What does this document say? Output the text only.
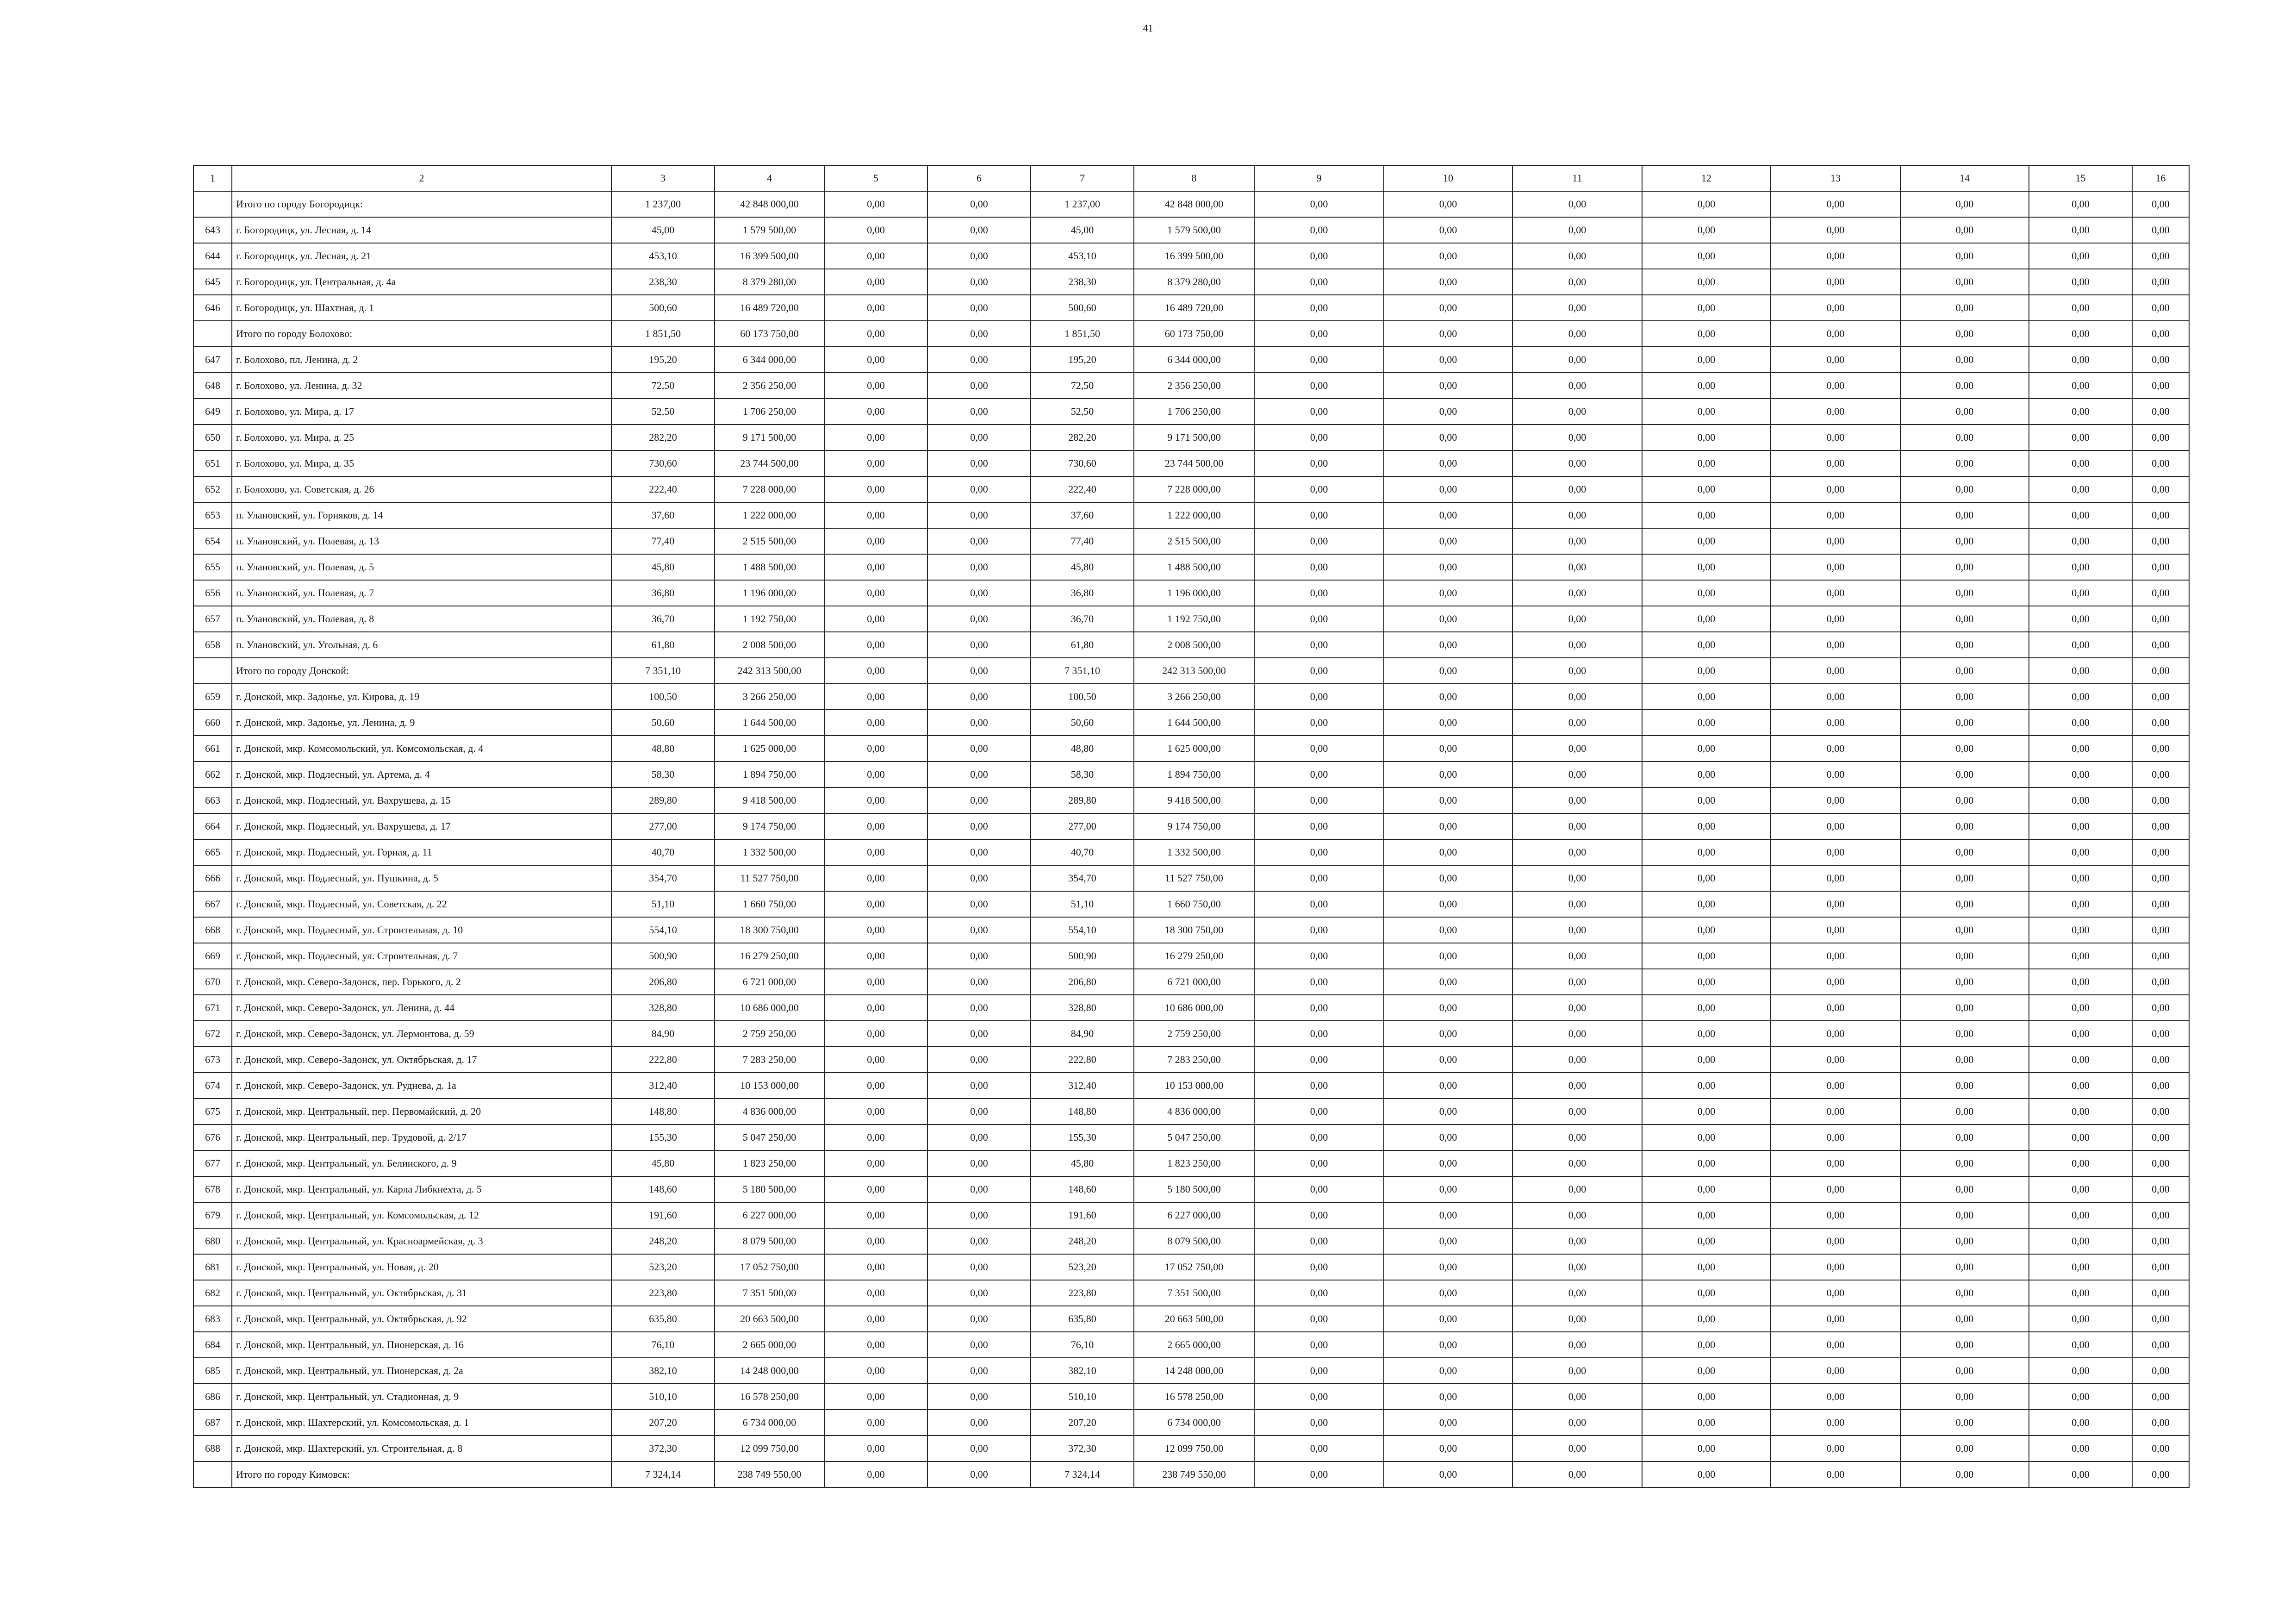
41
1	2	3	4	5	6	7	8	9	10	11	12	13	14	15	16
	Итого по городу Богородицк:	1 237,00	42 848 000,00	0,00	0,00	1 237,00	42 848 000,00	0,00	0,00	0,00	0,00	0,00	0,00	0,00	0,00
643	г. Богородицк, ул. Лесная, д. 14	45,00	1 579 500,00	0,00	0,00	45,00	1 579 500,00	0,00	0,00	0,00	0,00	0,00	0,00	0,00	0,00
644	г. Богородицк, ул. Лесная, д. 21	453,10	16 399 500,00	0,00	0,00	453,10	16 399 500,00	0,00	0,00	0,00	0,00	0,00	0,00	0,00	0,00
645	г. Богородицк, ул. Центральная, д. 4а	238,30	8 379 280,00	0,00	0,00	238,30	8 379 280,00	0,00	0,00	0,00	0,00	0,00	0,00	0,00	0,00
646	г. Богородицк, ул. Шахтная, д. 1	500,60	16 489 720,00	0,00	0,00	500,60	16 489 720,00	0,00	0,00	0,00	0,00	0,00	0,00	0,00	0,00
	Итого по городу Болохово:	1 851,50	60 173 750,00	0,00	0,00	1 851,50	60 173 750,00	0,00	0,00	0,00	0,00	0,00	0,00	0,00	0,00
647	г. Болохово, пл. Ленина, д. 2	195,20	6 344 000,00	0,00	0,00	195,20	6 344 000,00	0,00	0,00	0,00	0,00	0,00	0,00	0,00	0,00
648	г. Болохово, ул. Ленина, д. 32	72,50	2 356 250,00	0,00	0,00	72,50	2 356 250,00	0,00	0,00	0,00	0,00	0,00	0,00	0,00	0,00
649	г. Болохово, ул. Мира, д. 17	52,50	1 706 250,00	0,00	0,00	52,50	1 706 250,00	0,00	0,00	0,00	0,00	0,00	0,00	0,00	0,00
650	г. Болохово, ул. Мира, д. 25	282,20	9 171 500,00	0,00	0,00	282,20	9 171 500,00	0,00	0,00	0,00	0,00	0,00	0,00	0,00	0,00
651	г. Болохово, ул. Мира, д. 35	730,60	23 744 500,00	0,00	0,00	730,60	23 744 500,00	0,00	0,00	0,00	0,00	0,00	0,00	0,00	0,00
652	г. Болохово, ул. Советская, д. 26	222,40	7 228 000,00	0,00	0,00	222,40	7 228 000,00	0,00	0,00	0,00	0,00	0,00	0,00	0,00	0,00
653	п. Улановский, ул. Горняков, д. 14	37,60	1 222 000,00	0,00	0,00	37,60	1 222 000,00	0,00	0,00	0,00	0,00	0,00	0,00	0,00	0,00
654	п. Улановский, ул. Полевая, д. 13	77,40	2 515 500,00	0,00	0,00	77,40	2 515 500,00	0,00	0,00	0,00	0,00	0,00	0,00	0,00	0,00
655	п. Улановский, ул. Полевая, д. 5	45,80	1 488 500,00	0,00	0,00	45,80	1 488 500,00	0,00	0,00	0,00	0,00	0,00	0,00	0,00	0,00
656	п. Улановский, ул. Полевая, д. 7	36,80	1 196 000,00	0,00	0,00	36,80	1 196 000,00	0,00	0,00	0,00	0,00	0,00	0,00	0,00	0,00
657	п. Улановский, ул. Полевая, д. 8	36,70	1 192 750,00	0,00	0,00	36,70	1 192 750,00	0,00	0,00	0,00	0,00	0,00	0,00	0,00	0,00
658	п. Улановский, ул. Угольная, д. 6	61,80	2 008 500,00	0,00	0,00	61,80	2 008 500,00	0,00	0,00	0,00	0,00	0,00	0,00	0,00	0,00
	Итого по городу Донской:	7 351,10	242 313 500,00	0,00	0,00	7 351,10	242 313 500,00	0,00	0,00	0,00	0,00	0,00	0,00	0,00	0,00
659	г. Донской, мкр. Задонье, ул. Кирова, д. 19	100,50	3 266 250,00	0,00	0,00	100,50	3 266 250,00	0,00	0,00	0,00	0,00	0,00	0,00	0,00	0,00
660	г. Донской, мкр. Задонье, ул. Ленина, д. 9	50,60	1 644 500,00	0,00	0,00	50,60	1 644 500,00	0,00	0,00	0,00	0,00	0,00	0,00	0,00	0,00
661	г. Донской, мкр. Комсомольский, ул. Комсомольская, д. 4	48,80	1 625 000,00	0,00	0,00	48,80	1 625 000,00	0,00	0,00	0,00	0,00	0,00	0,00	0,00	0,00
662	г. Донской, мкр. Подлесный, ул. Артема, д. 4	58,30	1 894 750,00	0,00	0,00	58,30	1 894 750,00	0,00	0,00	0,00	0,00	0,00	0,00	0,00	0,00
663	г. Донской, мкр. Подлесный, ул. Вахрушева, д. 15	289,80	9 418 500,00	0,00	0,00	289,80	9 418 500,00	0,00	0,00	0,00	0,00	0,00	0,00	0,00	0,00
664	г. Донской, мкр. Подлесный, ул. Вахрушева, д. 17	277,00	9 174 750,00	0,00	0,00	277,00	9 174 750,00	0,00	0,00	0,00	0,00	0,00	0,00	0,00	0,00
665	г. Донской, мкр. Подлесный, ул. Горная, д. 11	40,70	1 332 500,00	0,00	0,00	40,70	1 332 500,00	0,00	0,00	0,00	0,00	0,00	0,00	0,00	0,00
666	г. Донской, мкр. Подлесный, ул. Пушкина, д. 5	354,70	11 527 750,00	0,00	0,00	354,70	11 527 750,00	0,00	0,00	0,00	0,00	0,00	0,00	0,00	0,00
667	г. Донской, мкр. Подлесный, ул. Советская, д. 22	51,10	1 660 750,00	0,00	0,00	51,10	1 660 750,00	0,00	0,00	0,00	0,00	0,00	0,00	0,00	0,00
668	г. Донской, мкр. Подлесный, ул. Строительная, д. 10	554,10	18 300 750,00	0,00	0,00	554,10	18 300 750,00	0,00	0,00	0,00	0,00	0,00	0,00	0,00	0,00
669	г. Донской, мкр. Подлесный, ул. Строительная, д. 7	500,90	16 279 250,00	0,00	0,00	500,90	16 279 250,00	0,00	0,00	0,00	0,00	0,00	0,00	0,00	0,00
670	г. Донской, мкр. Северо-Задонск, пер. Горького, д. 2	206,80	6 721 000,00	0,00	0,00	206,80	6 721 000,00	0,00	0,00	0,00	0,00	0,00	0,00	0,00	0,00
671	г. Донской, мкр. Северо-Задонск, ул. Ленина, д. 44	328,80	10 686 000,00	0,00	0,00	328,80	10 686 000,00	0,00	0,00	0,00	0,00	0,00	0,00	0,00	0,00
672	г. Донской, мкр. Северо-Задонск, ул. Лермонтова, д. 59	84,90	2 759 250,00	0,00	0,00	84,90	2 759 250,00	0,00	0,00	0,00	0,00	0,00	0,00	0,00	0,00
673	г. Донской, мкр. Северо-Задонск, ул. Октябрьская, д. 17	222,80	7 283 250,00	0,00	0,00	222,80	7 283 250,00	0,00	0,00	0,00	0,00	0,00	0,00	0,00	0,00
674	г. Донской, мкр. Северо-Задонск, ул. Руднева, д. 1а	312,40	10 153 000,00	0,00	0,00	312,40	10 153 000,00	0,00	0,00	0,00	0,00	0,00	0,00	0,00	0,00
675	г. Донской, мкр. Центральный, пер. Первомайский, д. 20	148,80	4 836 000,00	0,00	0,00	148,80	4 836 000,00	0,00	0,00	0,00	0,00	0,00	0,00	0,00	0,00
676	г. Донской, мкр. Центральный, пер. Трудовой, д. 2/17	155,30	5 047 250,00	0,00	0,00	155,30	5 047 250,00	0,00	0,00	0,00	0,00	0,00	0,00	0,00	0,00
677	г. Донской, мкр. Центральный, ул. Белинского, д. 9	45,80	1 823 250,00	0,00	0,00	45,80	1 823 250,00	0,00	0,00	0,00	0,00	0,00	0,00	0,00	0,00
678	г. Донской, мкр. Центральный, ул. Карла Либкнехта, д. 5	148,60	5 180 500,00	0,00	0,00	148,60	5 180 500,00	0,00	0,00	0,00	0,00	0,00	0,00	0,00	0,00
679	г. Донской, мкр. Центральный, ул. Комсомольская, д. 12	191,60	6 227 000,00	0,00	0,00	191,60	6 227 000,00	0,00	0,00	0,00	0,00	0,00	0,00	0,00	0,00
680	г. Донской, мкр. Центральный, ул. Красноармейская, д. 3	248,20	8 079 500,00	0,00	0,00	248,20	8 079 500,00	0,00	0,00	0,00	0,00	0,00	0,00	0,00	0,00
681	г. Донской, мкр. Центральный, ул. Новая, д. 20	523,20	17 052 750,00	0,00	0,00	523,20	17 052 750,00	0,00	0,00	0,00	0,00	0,00	0,00	0,00	0,00
682	г. Донской, мкр. Центральный, ул. Октябрьская, д. 31	223,80	7 351 500,00	0,00	0,00	223,80	7 351 500,00	0,00	0,00	0,00	0,00	0,00	0,00	0,00	0,00
683	г. Донской, мкр. Центральный, ул. Октябрьская, д. 92	635,80	20 663 500,00	0,00	0,00	635,80	20 663 500,00	0,00	0,00	0,00	0,00	0,00	0,00	0,00	0,00
684	г. Донской, мкр. Центральный, ул. Пионерская, д. 16	76,10	2 665 000,00	0,00	0,00	76,10	2 665 000,00	0,00	0,00	0,00	0,00	0,00	0,00	0,00	0,00
685	г. Донской, мкр. Центральный, ул. Пионерская, д. 2а	382,10	14 248 000,00	0,00	0,00	382,10	14 248 000,00	0,00	0,00	0,00	0,00	0,00	0,00	0,00	0,00
686	г. Донской, мкр. Центральный, ул. Стадионная, д. 9	510,10	16 578 250,00	0,00	0,00	510,10	16 578 250,00	0,00	0,00	0,00	0,00	0,00	0,00	0,00	0,00
687	г. Донской, мкр. Шахтерский, ул. Комсомольская, д. 1	207,20	6 734 000,00	0,00	0,00	207,20	6 734 000,00	0,00	0,00	0,00	0,00	0,00	0,00	0,00	0,00
688	г. Донской, мкр. Шахтерский, ул. Строительная, д. 8	372,30	12 099 750,00	0,00	0,00	372,30	12 099 750,00	0,00	0,00	0,00	0,00	0,00	0,00	0,00	0,00
	Итого по городу Кимовск:	7 324,14	238 749 550,00	0,00	0,00	7 324,14	238 749 550,00	0,00	0,00	0,00	0,00	0,00	0,00	0,00	0,00
